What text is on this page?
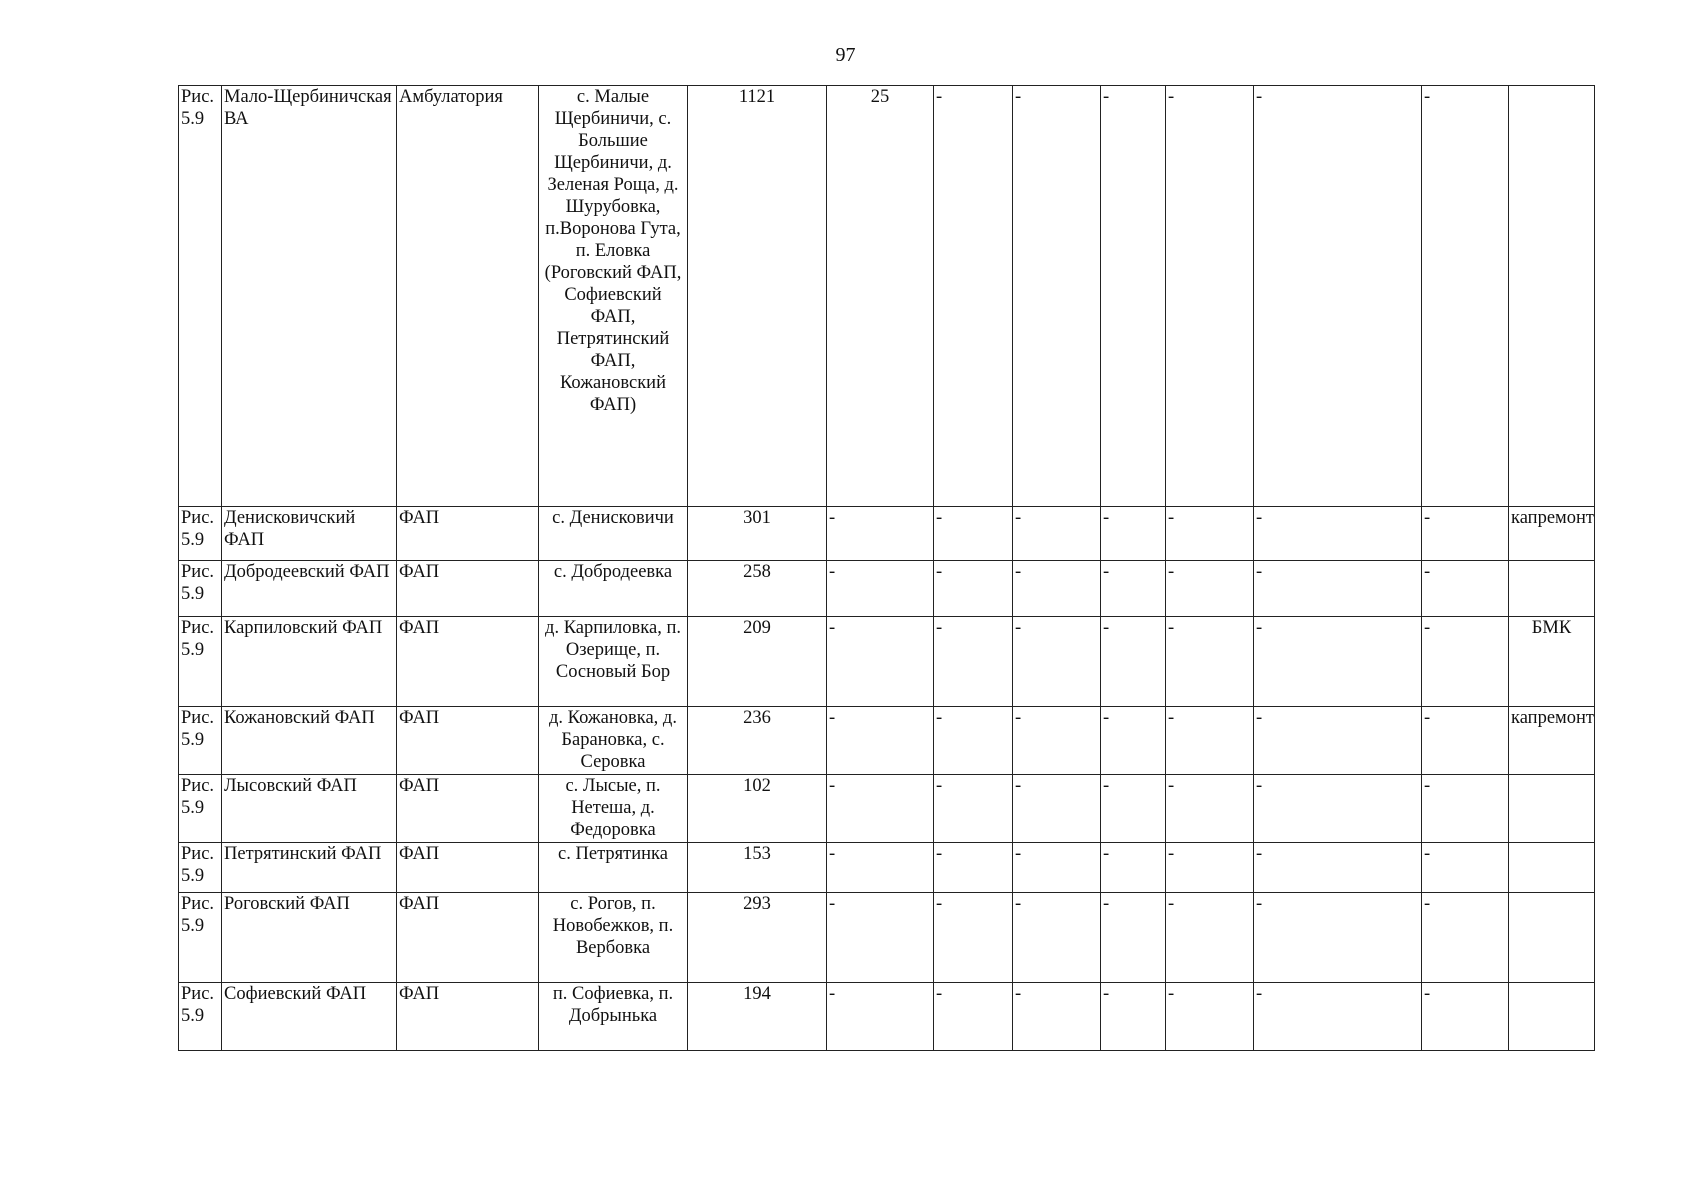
97
Рис. 5.9	Мало-Щербиничская ВА	Амбулатория	с. Малые Щербиничи, с. Большие Щербиничи, д. Зеленая Роща, д. Шурубовка, п.Воронова Гута, п. Еловка (Роговский ФАП, Софиевский ФАП, Петрятинский ФАП, Кожановский ФАП)	1121	25	-	-	-	-	-	-	
Рис. 5.9	Денисковичский ФАП	ФАП	с. Денисковичи	301	-	-	-	-	-	-	-	капремонт
Рис. 5.9	Добродеевский ФАП	ФАП	с. Добродеевка	258	-	-	-	-	-	-	-	
Рис. 5.9	Карпиловский ФАП	ФАП	д. Карпиловка, п. Озерище, п. Сосновый Бор	209	-	-	-	-	-	-	-	БМК
Рис. 5.9	Кожановский ФАП	ФАП	д. Кожановка, д. Барановка, с. Серовка	236	-	-	-	-	-	-	-	капремонт
Рис. 5.9	Лысовский ФАП	ФАП	с. Лысые, п. Нетеша, д. Федоровка	102	-	-	-	-	-	-	-	
Рис. 5.9	Петрятинский ФАП	ФАП	с. Петрятинка	153	-	-	-	-	-	-	-	
Рис. 5.9	Роговский ФАП	ФАП	с. Рогов, п. Новобежков, п. Вербовка	293	-	-	-	-	-	-	-	
Рис. 5.9	Софиевский ФАП	ФАП	п. Софиевка, п. Добрынька	194	-	-	-	-	-	-	-	
